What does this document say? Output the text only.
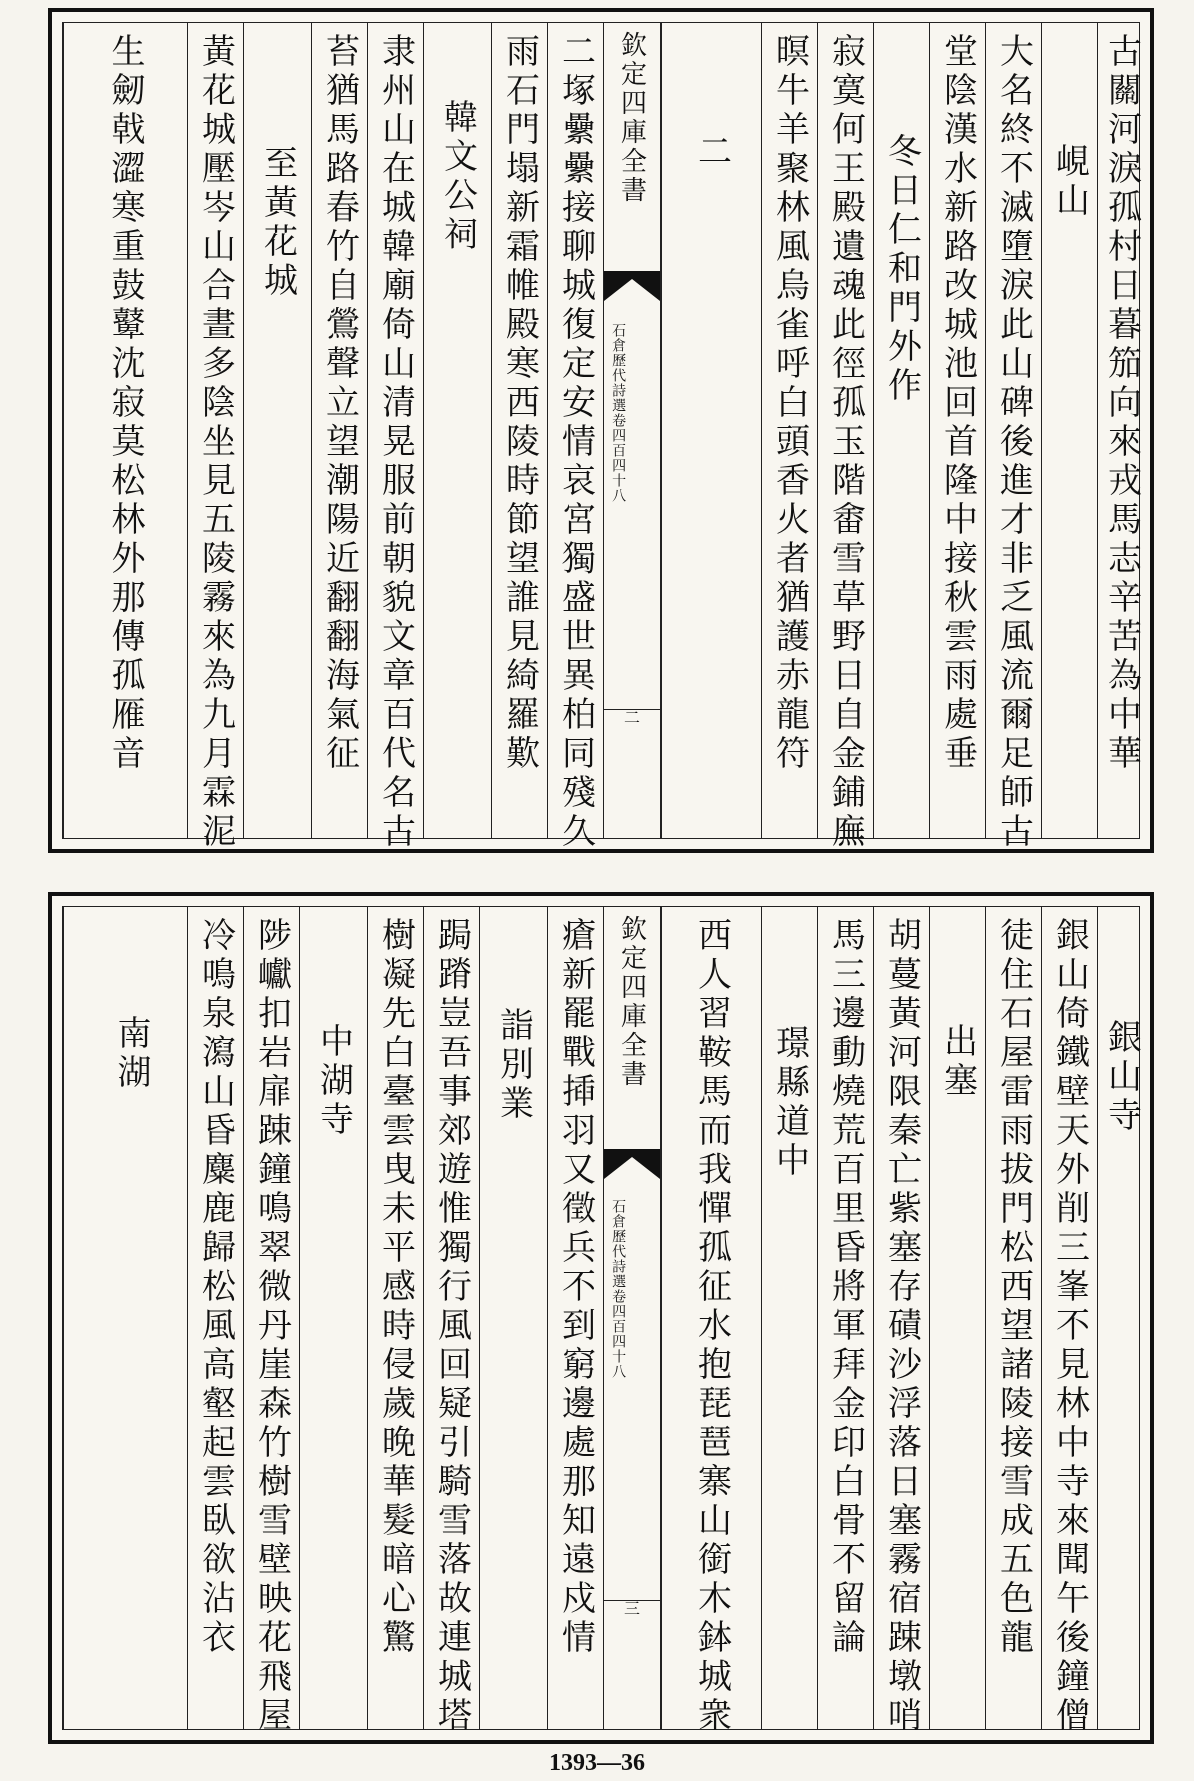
古關河淚孤村日暮笳向來戎馬志辛苦為中華
峴山
大名終不滅墮淚此山碑後進才非乏風流爾足師古
堂陰漢水新路改城池回首隆中接秋雲雨處垂
冬日仁和門外作
寂寞何王殿遺魂此徑孤玉階畬雪草野日自金鋪廡
暝牛羊聚林風烏雀呼白頭香火者猶護赤龍符
二
欽定四庫全書
石倉歷代詩選卷四百四十八
二
二塚纍纍接聊城復定安情哀宮獨盛世異柏同殘久
雨石門塌新霜帷殿寒西陵時節望誰見綺羅歎
韓文公祠
隶州山在城韓廟倚山清晃服前朝貌文章百代名古
苔猶馬路春竹自鶯聲立望潮陽近翻翻海氣征
至黃花城
黃花城壓岑山合晝多陰坐見五陵霧來為九月霖泥
生劒戟澀寒重鼓鼙沈寂莫松林外那傳孤雁音
銀山寺
銀山倚鐵壁天外削三峯不見林中寺來聞午後鐘僧
徒住石屋雷雨拔門松西望諸陵接雪成五色龍
出塞
胡蔓黃河限秦亡紫塞存磧沙浮落日塞霧宿踈墩哨
馬三邊動燒荒百里昏將軍拜金印白骨不留論
璟縣道中
西人習鞍馬而我憚孤征水抱琵琶寨山銜木鉢城衆
欽定四庫全書
石倉歷代詩選卷四百四十八
三
瘡新罷戰揷羽又徵兵不到窮邊處那知遠戍情
詣別業
跼蹐豈吾事郊遊惟獨行風回疑引騎雪落故連城塔
樹凝先白臺雲曳未平感時侵歲晚華髮暗心驚
中湖寺
陟巘扣岩扉踈鐘鳴翠微丹崖森竹樹雪壁映花飛屋
冷鳴泉瀉山昏麋鹿歸松風高壑起雲臥欲沾衣
南湖
1393—36
